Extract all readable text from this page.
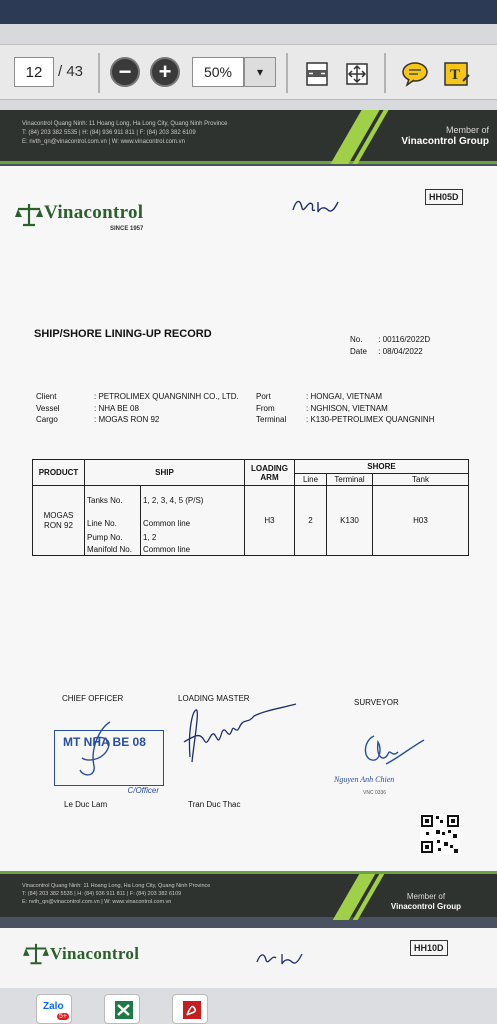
12	/ 43	−	+	50%	▾	T
Vinacontrol Quang Ninh: 11 Hoang Long, Ha Long City, Quang Ninh Province
T: (84) 203 382 5535 | H: (84) 936 911 811 | F: (84) 203 382 6109
E: nvth_qn@vinacontrol.com.vn | W: www.vinacontrol.com.vn
Member of
Vinacontrol Group
Vinacontrol
SINCE 1957
HH05D
SHIP/SHORE LINING-UP RECORD	No. : 00116/2022D
Date : 08/04/2022
Client	: PETROLIMEX QUANGNINH CO., LTD.	Port	: HONGAI, VIETNAM
Vessel	: NHA BE 08	From	: NGHISON, VIETNAM
Cargo	: MOGAS RON 92	Terminal	: K130-PETROLIMEX QUANGNINH
PRODUCT	SHIP		LOADING ARM	SHORE		
				Line	Terminal	Tank
MOGAS RON 92	Tanks No.	1, 2, 3, 4, 5 (P/S)	H3	2	K130	H03
	Line No.	Common line				
	Pump No.	1, 2				
	Manifold No.	Common line				
CHIEF OFFICER	LOADING MASTER	SURVEYOR
MT NHA BE 08
C/Officer
Le Duc Lam	Tran Duc Thac
Nguyen Anh Chien
VNC 0336
Vinacontrol Quang Ninh: 11 Hoang Long, Ha Long City, Quang Ninh Province
T: (84) 203 382 5535 | H: (84) 936 911 811 | F: (84) 203 382 6109
E: nvth_qn@vinacontrol.com.vn | W: www.vinacontrol.com.vn
Member of
Vinacontrol Group
Vinacontrol	HH10D
Zalo
5+
